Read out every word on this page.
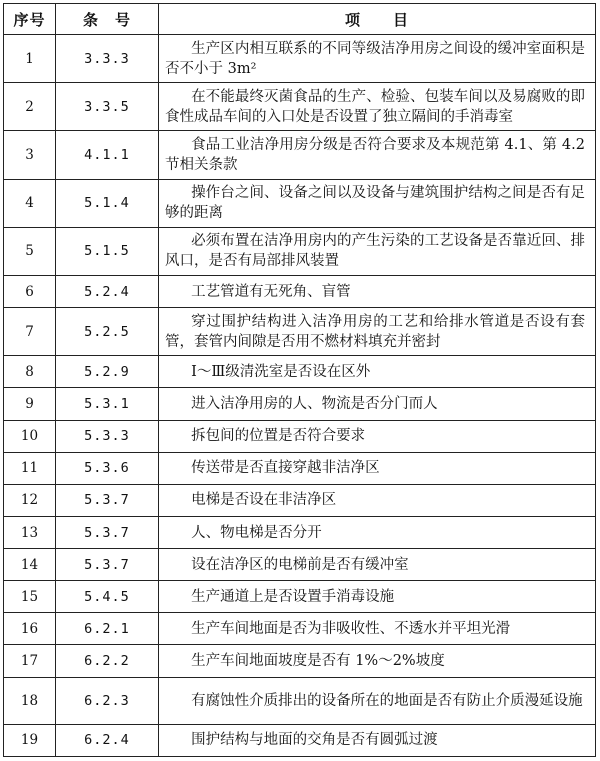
序号	条　号	项　　目
1	3.3.3	生产区内相互联系的不同等级洁净用房之间设的缓冲室面积是否不小于 3m²
2	3.3.5	在不能最终灭菌食品的生产、检验、包装车间以及易腐败的即食性成品车间的入口处是否设置了独立隔间的手消毒室
3	4.1.1	食品工业洁净用房分级是否符合要求及本规范第 4.1、第 4.2 节相关条款
4	5.1.4	操作台之间、设备之间以及设备与建筑围护结构之间是否有足够的距离
5	5.1.5	必须布置在洁净用房内的产生污染的工艺设备是否靠近回、排风口，是否有局部排风装置
6	5.2.4	工艺管道有无死角、盲管
7	5.2.5	穿过围护结构进入洁净用房的工艺和给排水管道是否设有套管，套管内间隙是否用不燃材料填充并密封
8	5.2.9	Ⅰ～Ⅲ级清洗室是否设在区外
9	5.3.1	进入洁净用房的人、物流是否分门而人
10	5.3.3	拆包间的位置是否符合要求
11	5.3.6	传送带是否直接穿越非洁净区
12	5.3.7	电梯是否设在非洁净区
13	5.3.7	人、物电梯是否分开
14	5.3.7	设在洁净区的电梯前是否有缓冲室
15	5.4.5	生产通道上是否设置手消毒设施
16	6.2.1	生产车间地面是否为非吸收性、不透水并平坦光滑
17	6.2.2	生产车间地面坡度是否有 1%～2%坡度
18	6.2.3	有腐蚀性介质排出的设备所在的地面是否有防止介质漫延设施
19	6.2.4	围护结构与地面的交角是否有圆弧过渡
